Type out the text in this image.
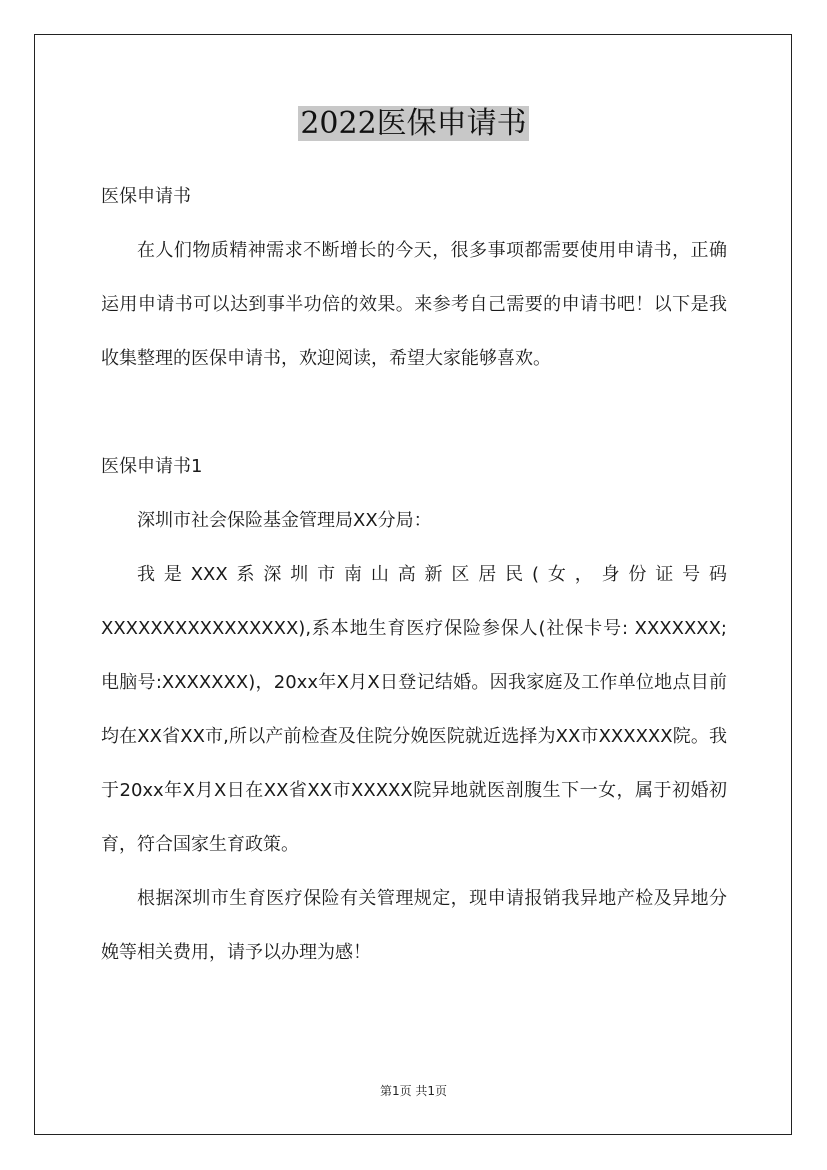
2022医保申请书

医保申请书

在人们物质精神需求不断增长的今天，很多事项都需要使用申请书，正确运用申请书可以达到事半功倍的效果。来参考自己需要的申请书吧！以下是我收集整理的医保申请书，欢迎阅读，希望大家能够喜欢。

医保申请书1

深圳市社会保险基金管理局XX分局：

我是XXX系深圳市南山高新区居民(女，身份证号码XXXXXXXXXXXXXXXX),系本地生育医疗保险参保人(社保卡号: XXXXXXX;电脑号:XXXXXXX)，20xx年X月X日登记结婚。因我家庭及工作单位地点目前均在XX省XX市,所以产前检查及住院分娩医院就近选择为XX市XXXXXX院。我于20xx年X月X日在XX省XX市XXXXX院异地就医剖腹生下一女，属于初婚初育，符合国家生育政策。

根据深圳市生育医疗保险有关管理规定，现申请报销我异地产检及异地分娩等相关费用，请予以办理为感！

第1页 共1页
